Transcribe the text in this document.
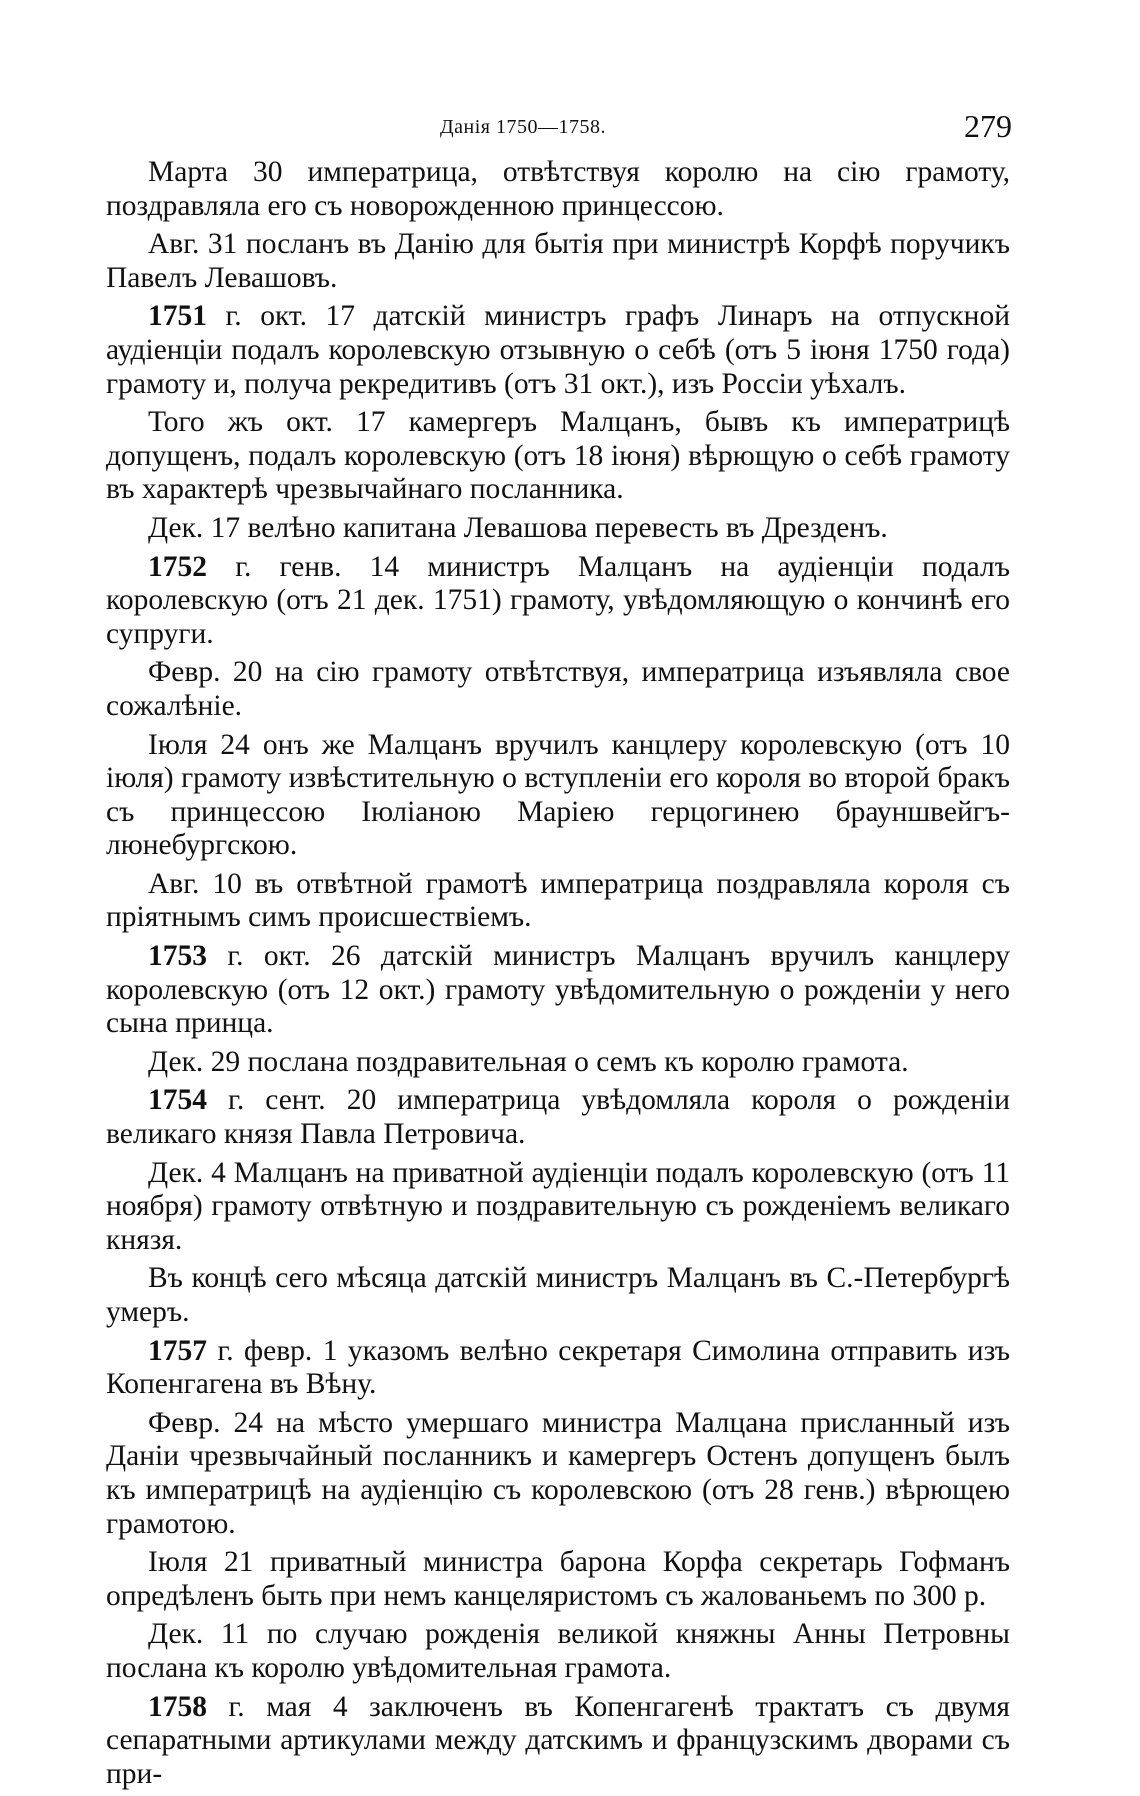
Данія 1750—1758.	279

Марта 30 императрица, отвѣтствуя королю на сію грамоту, поздравляла его съ новорожденною принцессою.

Авг. 31 посланъ въ Данію для бытія при министрѣ Корфѣ поручикъ Павелъ Левашовъ.

1751 г. окт. 17 датскій министръ графъ Линаръ на отпускной аудіенціи подалъ королевскую отзывную о себѣ (отъ 5 іюня 1750 года) грамоту и, получа рекредитивъ (отъ 31 окт.), изъ Россіи уѣхалъ.

Того жъ окт. 17 камергеръ Малцанъ, бывъ къ императрицѣ допущенъ, подалъ королевскую (отъ 18 іюня) вѣрющую о себѣ грамоту въ характерѣ чрезвычайнаго посланника.

Дек. 17 велѣно капитана Левашова перевесть въ Дрезденъ.

1752 г. генв. 14 министръ Малцанъ на аудіенціи подалъ королевскую (отъ 21 дек. 1751) грамоту, увѣдомляющую о кончинѣ его супруги.

Февр. 20 на сію грамоту отвѣтствуя, императрица изъявляла свое сожалѣніе.

Іюля 24 онъ же Малцанъ вручилъ канцлеру королевскую (отъ 10 іюля) грамоту извѣстительную о вступленіи его короля во второй бракъ съ принцессою Іюліаною Маріею герцогинею брауншвейгъ-люнебургскою.

Авг. 10 въ отвѣтной грамотѣ императрица поздравляла короля съ пріятнымъ симъ происшествіемъ.

1753 г. окт. 26 датскій министръ Малцанъ вручилъ канцлеру королевскую (отъ 12 окт.) грамоту увѣдомительную о рожденіи у него сына принца.

Дек. 29 послана поздравительная о семъ къ королю грамота.

1754 г. сент. 20 императрица увѣдомляла короля о рожденіи великаго князя Павла Петровича.

Дек. 4 Малцанъ на приватной аудіенціи подалъ королевскую (отъ 11 ноября) грамоту отвѣтную и поздравительную съ рожденіемъ великаго князя.

Въ концѣ сего мѣсяца датскій министръ Малцанъ въ С.-Петербургѣ умеръ.

1757 г. февр. 1 указомъ велѣно секретаря Симолина отправить изъ Копенгагена въ Вѣну.

Февр. 24 на мѣсто умершаго министра Малцана присланный изъ Даніи чрезвычайный посланникъ и камергеръ Остенъ допущенъ былъ къ императрицѣ на аудіенцію съ королевскою (отъ 28 генв.) вѣрющею грамотою.

Іюля 21 приватный министра барона Корфа секретарь Гофманъ опредѣленъ быть при немъ канцеляристомъ съ жалованьемъ по 300 р.

Дек. 11 по случаю рожденія великой княжны Анны Петровны послана къ королю увѣдомительная грамота.

1758 г. мая 4 заключенъ въ Копенгагенѣ трактатъ съ двумя сепаратными артикулами между датскимъ и французскимъ дворами съ при-
